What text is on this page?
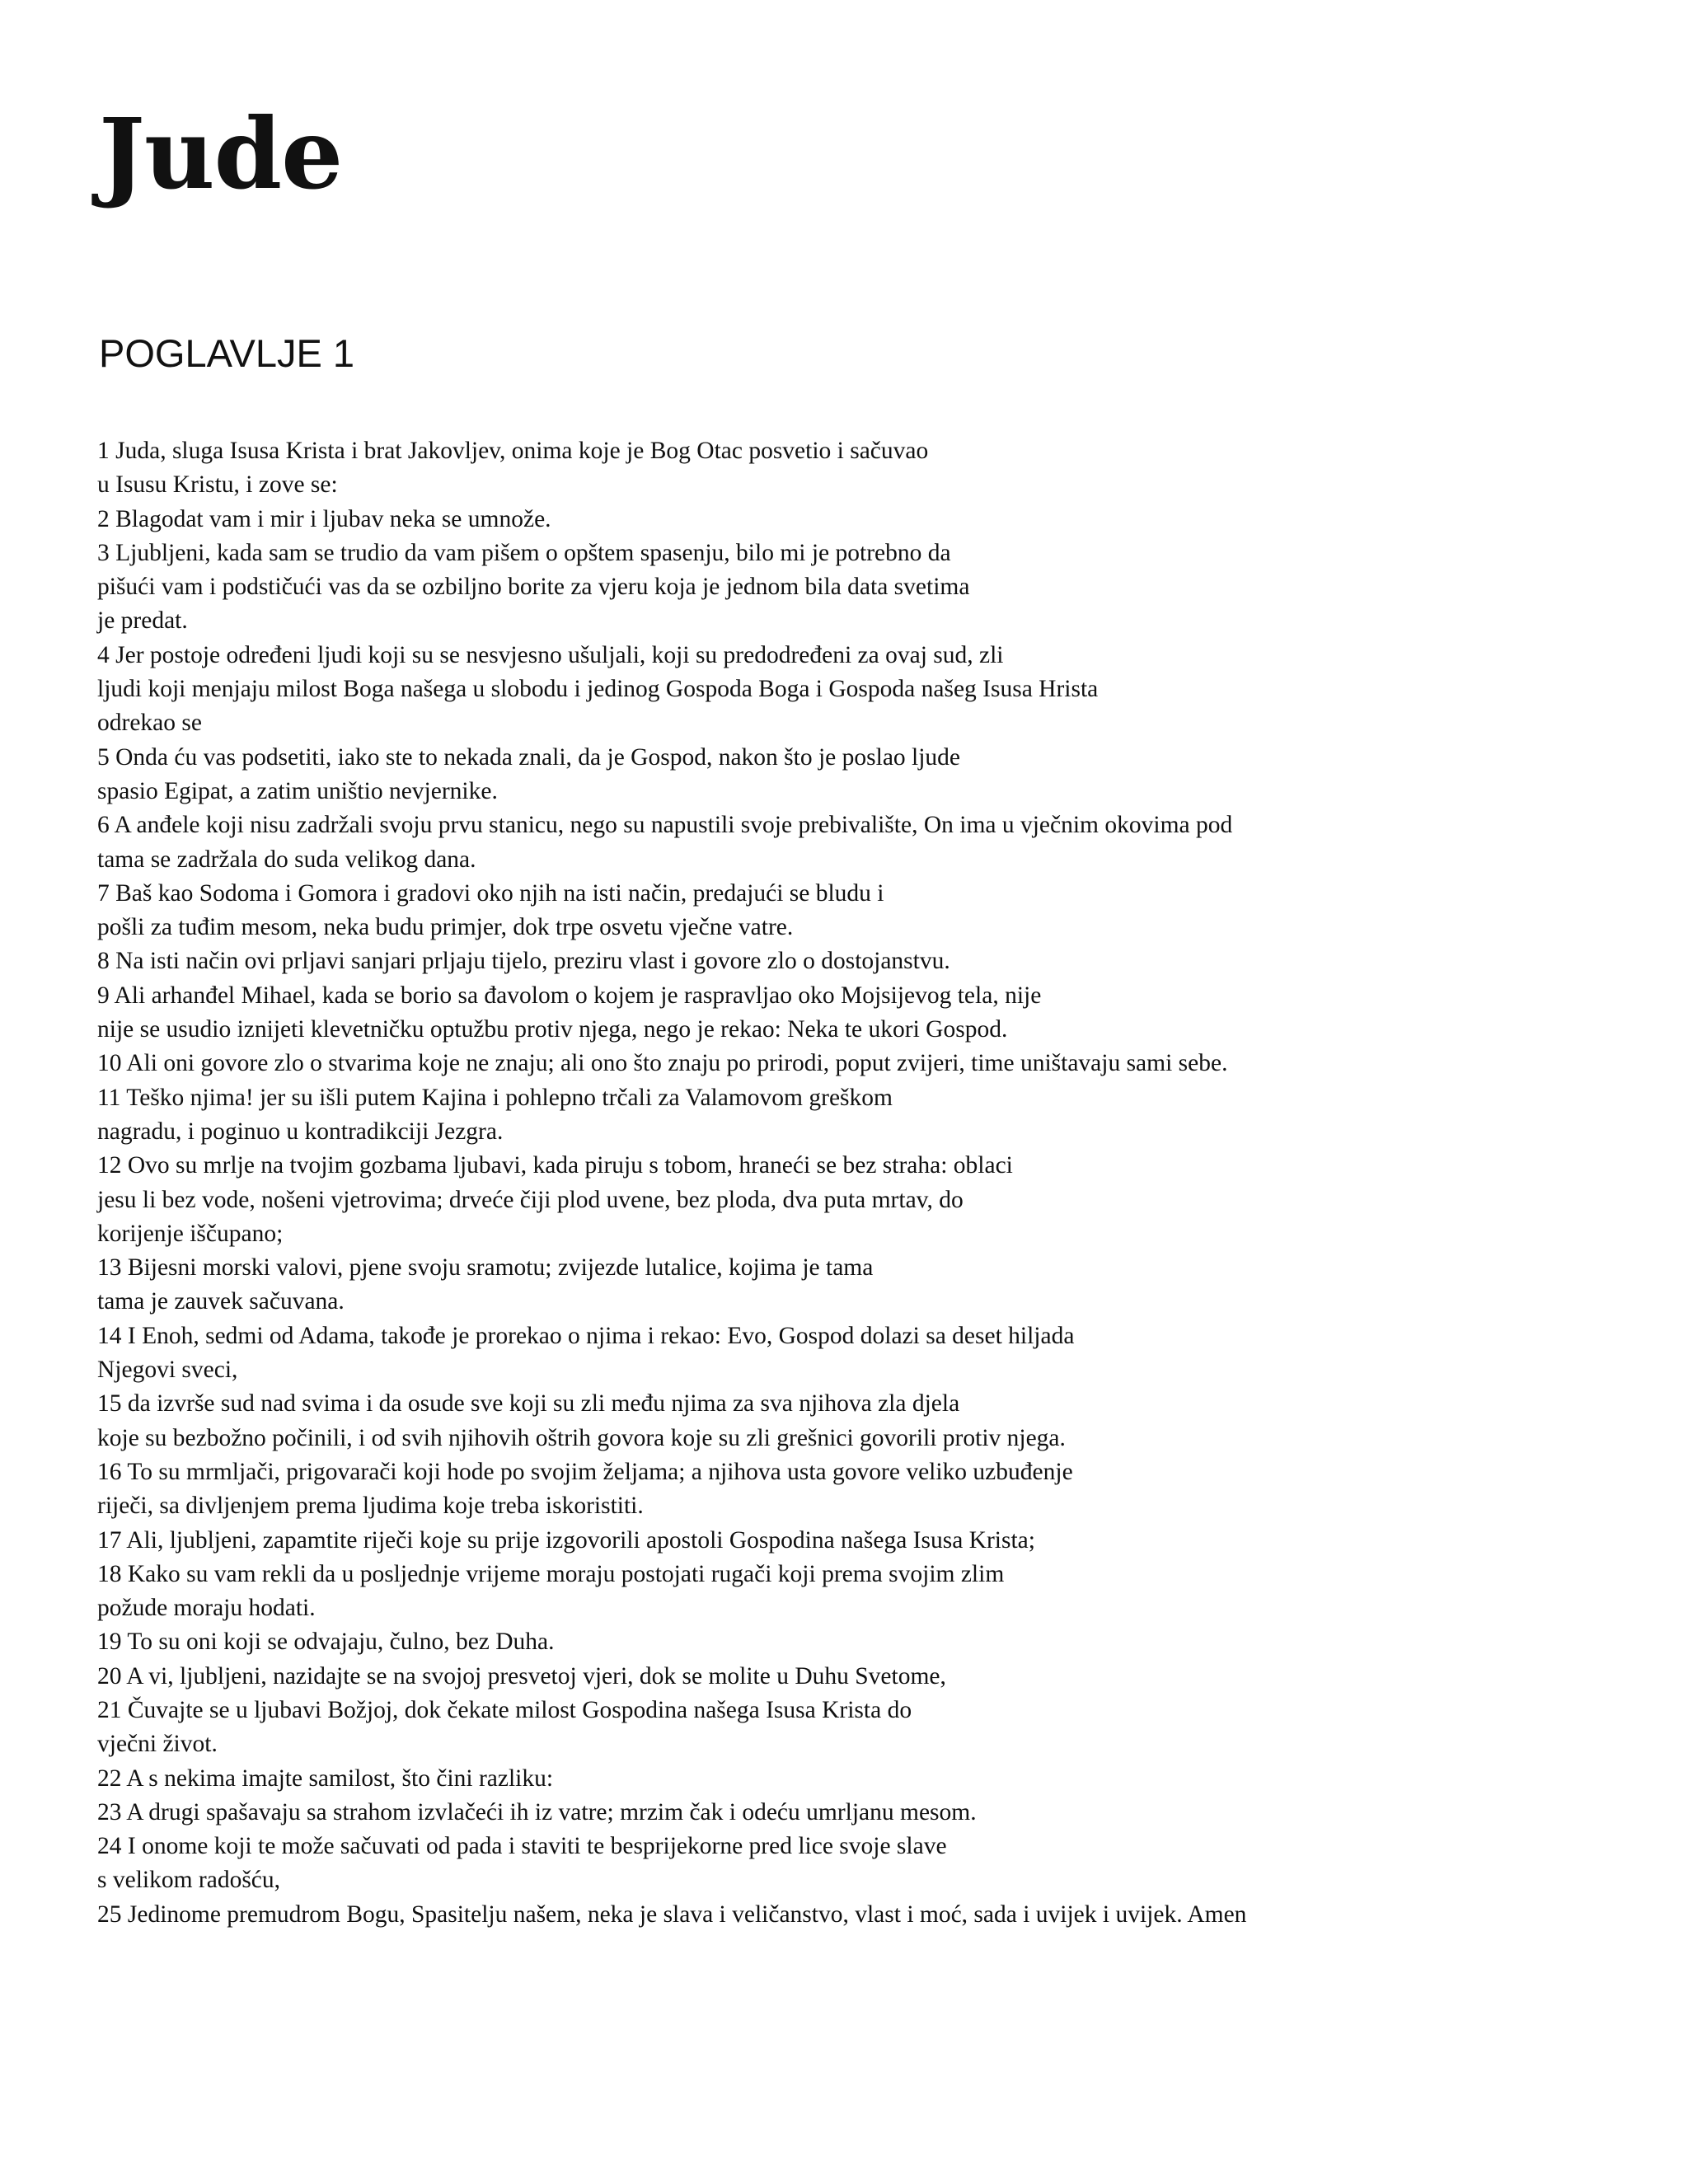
Jude
POGLAVLJE 1
1 Juda, sluga Isusa Krista i brat Jakovljev, onima koje je Bog Otac posvetio i sačuvao
u Isusu Kristu, i zove se:
2 Blagodat vam i mir i ljubav neka se umnože.
3 Ljubljeni, kada sam se trudio da vam pišem o opštem spasenju, bilo mi je potrebno da
pišući vam i podstičući vas da se ozbiljno borite za vjeru koja je jednom bila data svetima
je predat.
4 Jer postoje određeni ljudi koji su se nesvjesno ušuljali, koji su predodređeni za ovaj sud, zli
ljudi koji menjaju milost Boga našega u slobodu i jedinog Gospoda Boga i Gospoda našeg Isusa Hrista
odrekao se
5 Onda ću vas podsetiti, iako ste to nekada znali, da je Gospod, nakon što je poslao ljude
spasio Egipat, a zatim uništio nevjernike.
6 A anđele koji nisu zadržali svoju prvu stanicu, nego su napustili svoje prebivalište, On ima u vječnim okovima pod
tama se zadržala do suda velikog dana.
7 Baš kao Sodoma i Gomora i gradovi oko njih na isti način, predajući se bludu i
pošli za tuđim mesom, neka budu primjer, dok trpe osvetu vječne vatre.
8 Na isti način ovi prljavi sanjari prljaju tijelo, preziru vlast i govore zlo o dostojanstvu.
9 Ali arhanđel Mihael, kada se borio sa đavolom o kojem je raspravljao oko Mojsijevog tela, nije
nije se usudio iznijeti klevetničku optužbu protiv njega, nego je rekao: Neka te ukori Gospod.
10 Ali oni govore zlo o stvarima koje ne znaju; ali ono što znaju po prirodi, poput zvijeri, time uništavaju sami sebe.
11 Teško njima! jer su išli putem Kajina i pohlepno trčali za Valamovom greškom
nagradu, i poginuo u kontradikciji Jezgra.
12 Ovo su mrlje na tvojim gozbama ljubavi, kada piruju s tobom, hraneći se bez straha: oblaci
jesu li bez vode, nošeni vjetrovima; drveće čiji plod uvene, bez ploda, dva puta mrtav, do
korijenje iščupano;
13 Bijesni morski valovi, pjene svoju sramotu; zvijezde lutalice, kojima je tama
tama je zauvek sačuvana.
14 I Enoh, sedmi od Adama, takođe je prorekao o njima i rekao: Evo, Gospod dolazi sa deset hiljada
Njegovi sveci,
15 da izvrše sud nad svima i da osude sve koji su zli među njima za sva njihova zla djela
koje su bezbožno počinili, i od svih njihovih oštrih govora koje su zli grešnici govorili protiv njega.
16 To su mrmljači, prigovarači koji hode po svojim željama; a njihova usta govore veliko uzbuđenje
riječi, sa divljenjem prema ljudima koje treba iskoristiti.
17 Ali, ljubljeni, zapamtite riječi koje su prije izgovorili apostoli Gospodina našega Isusa Krista;
18 Kako su vam rekli da u posljednje vrijeme moraju postojati rugači koji prema svojim zlim
požude moraju hodati.
19 To su oni koji se odvajaju, čulno, bez Duha.
20 A vi, ljubljeni, nazidajte se na svojoj presvetoj vjeri, dok se molite u Duhu Svetome,
21 Čuvajte se u ljubavi Božjoj, dok čekate milost Gospodina našega Isusa Krista do
vječni život.
22 A s nekima imajte samilost, što čini razliku:
23 A drugi spašavaju sa strahom izvlačeći ih iz vatre; mrzim čak i odeću umrljanu mesom.
24 I onome koji te može sačuvati od pada i staviti te besprijekorne pred lice svoje slave
s velikom radošću,
25 Jedinome premudrom Bogu, Spasitelju našem, neka je slava i veličanstvo, vlast i moć, sada i uvijek i uvijek. Amen
